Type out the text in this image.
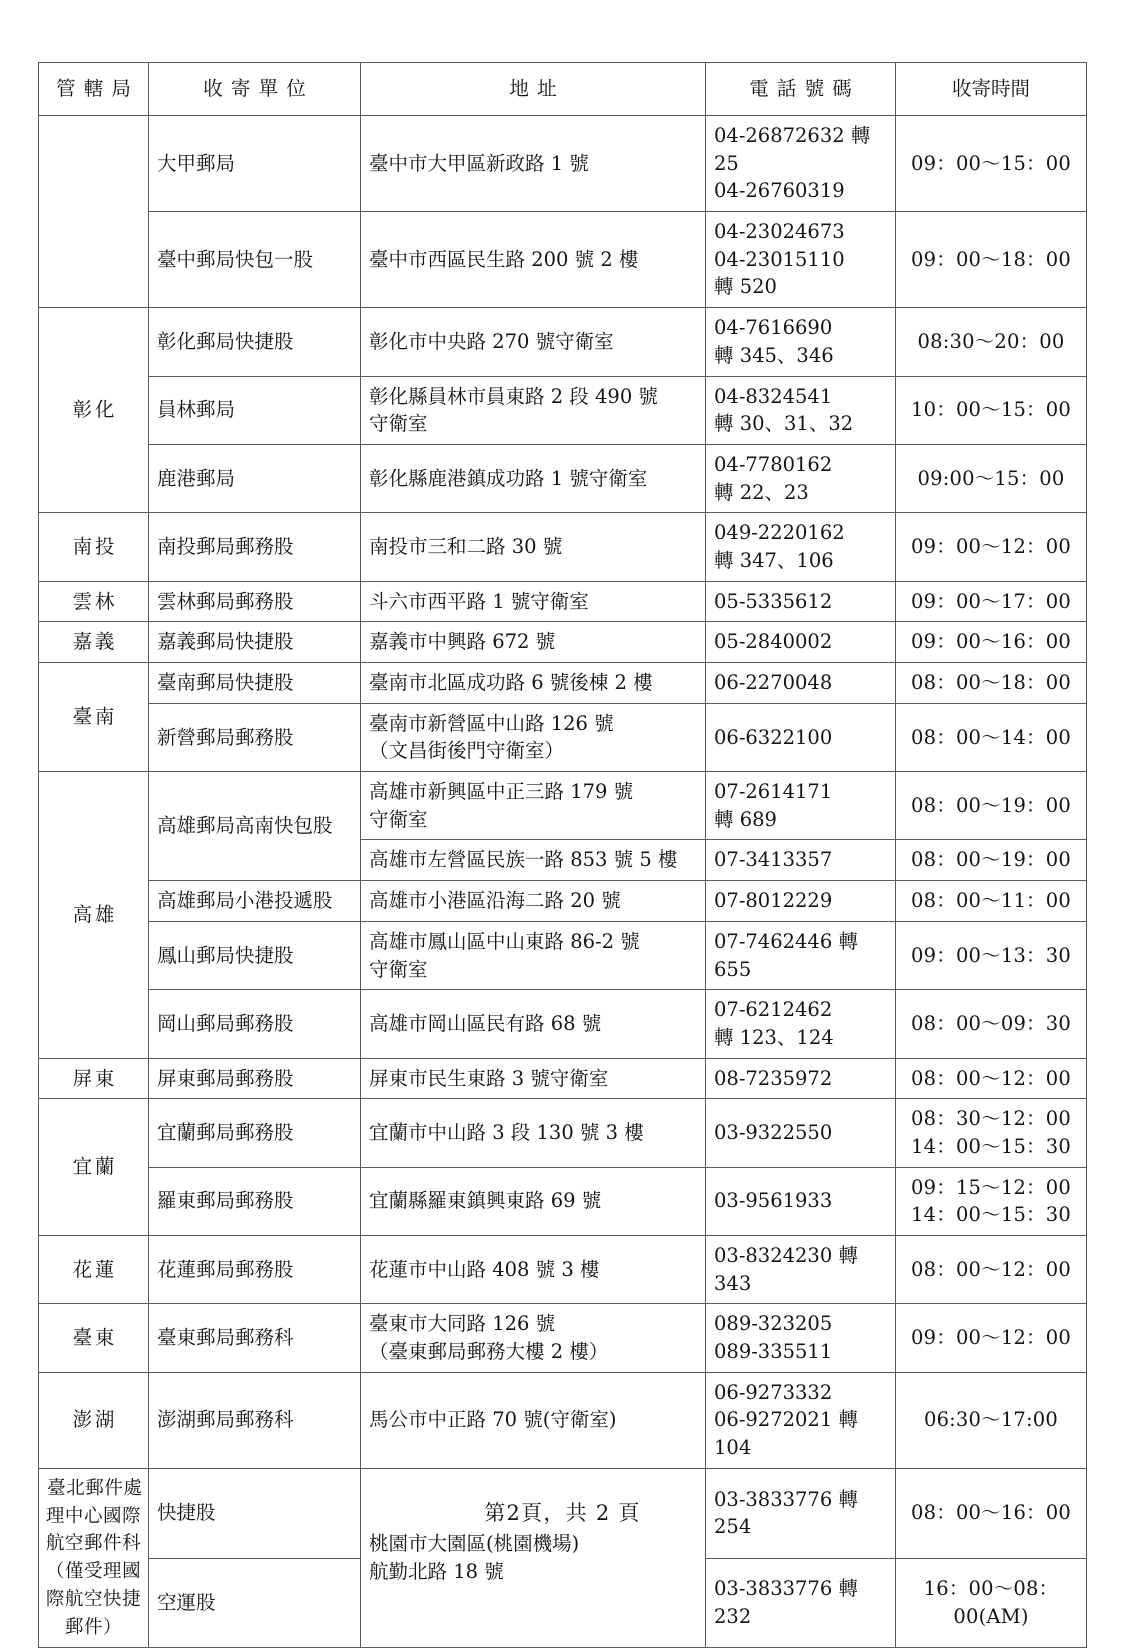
管轄局	收寄單位	地址	電話號碼	收寄時間
	大甲郵局	臺中市大甲區新政路 1 號	04-26872632 轉 25
04-26760319	09：00～15：00

	臺中郵局快包一股	臺中市西區民生路 200 號 2 樓	04-23024673
04-23015110
轉 520	09：00～18：00

彰化	彰化郵局快捷股	彰化市中央路 270 號守衛室	04-7616690
轉 345、346	08:30～20：00

	員林郵局	彰化縣員林市員東路 2 段 490 號
守衛室	04-8324541
轉 30、31、32	10：00～15：00

	鹿港郵局	彰化縣鹿港鎮成功路 1 號守衛室	04-7780162
轉 22、23	09:00～15：00

南投	南投郵局郵務股	南投市三和二路 30 號	049-2220162
轉 347、106	09：00～12：00

雲林	雲林郵局郵務股	斗六市西平路 1 號守衛室	05-5335612	09：00～17：00

嘉義	嘉義郵局快捷股	嘉義市中興路 672 號	05-2840002	09：00～16：00

臺南	臺南郵局快捷股	臺南市北區成功路 6 號後棟 2 樓	06-2270048	08：00～18：00

	新營郵局郵務股	臺南市新營區中山路 126 號
（文昌街後門守衛室）	06-6322100	08：00～14：00

高雄	高雄郵局高南快包股	高雄市新興區中正三路 179 號
守衛室	07-2614171
轉 689	08：00～19：00

		高雄市左營區民族一路 853 號 5 樓	07-3413357	08：00～19：00

	高雄郵局小港投遞股	高雄市小港區沿海二路 20 號	07-8012229	08：00～11：00

	鳳山郵局快捷股	高雄市鳳山區中山東路 86-2 號
守衛室	07-7462446 轉 655	09：00～13：30

	岡山郵局郵務股	高雄市岡山區民有路 68 號	07-6212462
轉 123、124	08：00～09：30

屏東	屏東郵局郵務股	屏東市民生東路 3 號守衛室	08-7235972	08：00～12：00

宜蘭	宜蘭郵局郵務股	宜蘭市中山路 3 段 130 號 3 樓	03-9322550	08：30～12：00
14：00～15：30

	羅東郵局郵務股	宜蘭縣羅東鎮興東路 69 號	03-9561933	09：15～12：00
14：00～15：30

花蓮	花蓮郵局郵務股	花蓮市中山路 408 號 3 樓	03-8324230 轉 343	08：00～12：00

臺東	臺東郵局郵務科	臺東市大同路 126 號
（臺東郵局郵務大樓 2 樓）	089-323205
089-335511	09：00～12：00

澎湖	澎湖郵局郵務科	馬公市中正路 70 號(守衛室)	06-9273332
06-9272021 轉 104	06:30～17:00

臺北郵件處理中心國際航空郵件科（僅受理國際航空快捷郵件）	快捷股	桃園市大園區(桃園機場)
航勤北路 18 號	03-3833776 轉 254	08：00～16：00

	空運股		03-3833776 轉 232	16：00～08：00(AM)
第2頁，共 2 頁
